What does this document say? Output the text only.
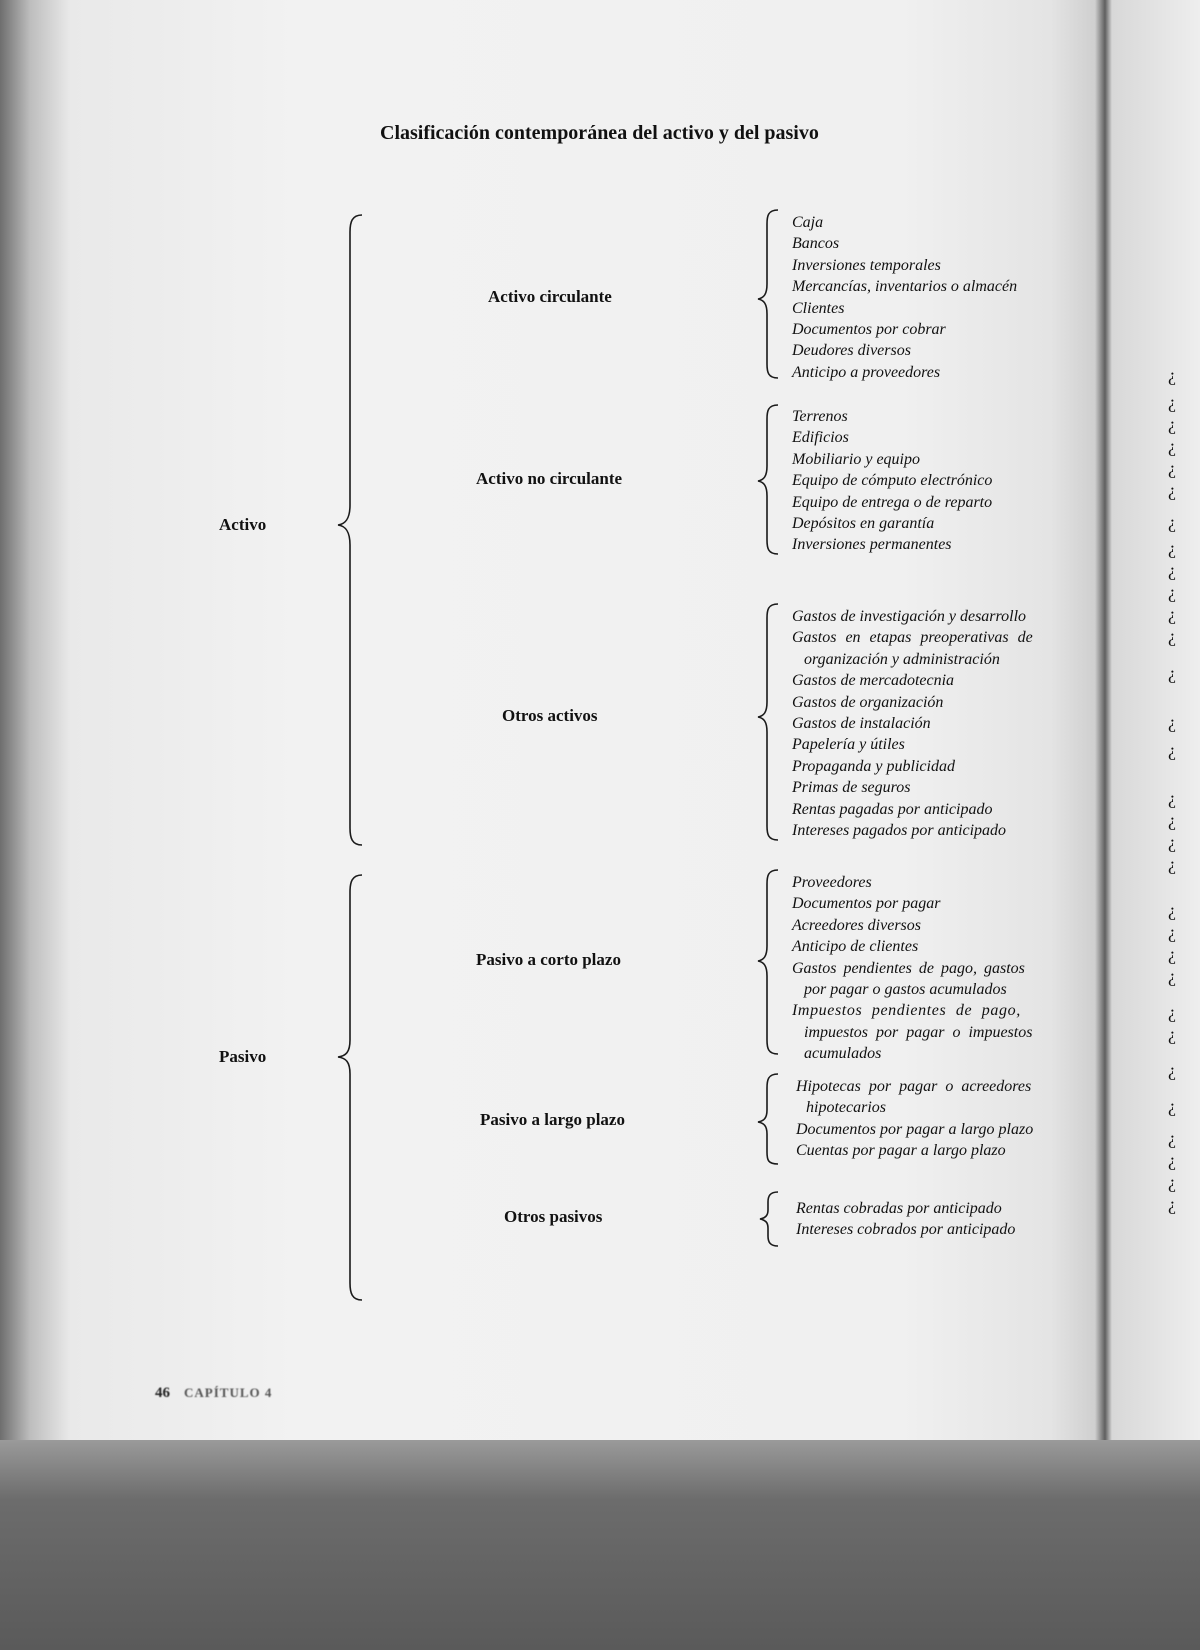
Clasificación contemporánea del activo y del pasivo
Activo
Pasivo
Activo circulante
Activo no circulante
Otros activos
Pasivo a corto plazo
Pasivo a largo plazo
Otros pasivos
Caja
Bancos
Inversiones temporales
Mercancías, inventarios o almacén
Clientes
Documentos por cobrar
Deudores diversos
Anticipo a proveedores
Terrenos
Edificios
Mobiliario y equipo
Equipo de cómputo electrónico
Equipo de entrega o de reparto
Depósitos en garantía
Inversiones permanentes
Gastos de investigación y desarrollo
Gastos en etapas preoperativas de
organización y administración
Gastos de mercadotecnia
Gastos de organización
Gastos de instalación
Papelería y útiles
Propaganda y publicidad
Primas de seguros
Rentas pagadas por anticipado
Intereses pagados por anticipado
Proveedores
Documentos por pagar
Acreedores diversos
Anticipo de clientes
Gastos pendientes de pago, gastos
por pagar o gastos acumulados
Impuestos pendientes de pago,
impuestos por pagar o impuestos
acumulados
Hipotecas por pagar o acreedores
hipotecarios
Documentos por pagar a largo plazo
Cuentas por pagar a largo plazo
Rentas cobradas por anticipado
Intereses cobrados por anticipado
46 CAPÍTULO 4
¿
¿
¿
¿
¿
¿
¿
¿
¿
¿
¿
¿
¿
¿
¿
¿
¿
¿
¿
¿
¿
¿
¿
¿
¿
¿
¿
¿
¿
¿
¿
